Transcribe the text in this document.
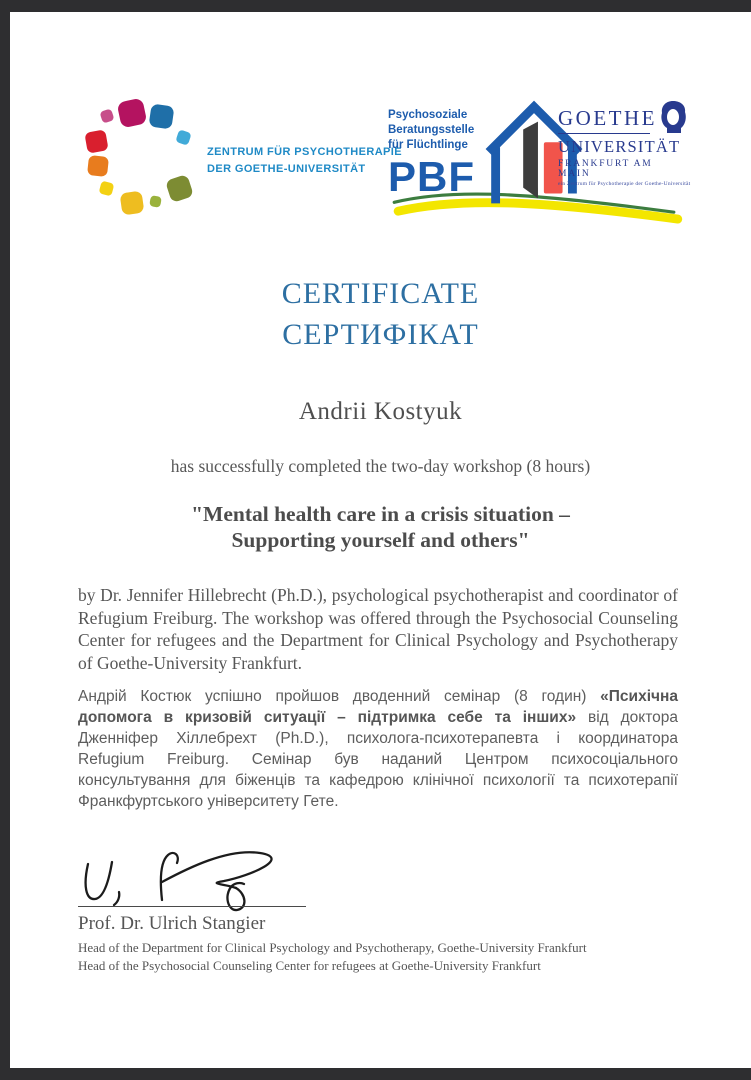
ZENTRUM FÜR PSYCHOTHERAPIE
DER GOETHE-UNIVERSITÄT
Psychosoziale
Beratungsstelle
für Flüchtlinge
PBF
GOETHE
UNIVERSITÄT
FRANKFURT AM MAIN
ein Zentrum für Psychotherapie der Goethe-Universität
CERTIFICATE
СЕРТИФІКАТ
Andrii Kostyuk
has successfully completed the two-day workshop (8 hours)
"Mental health care in a crisis situation –
Supporting yourself and others"
by Dr. Jennifer Hillebrecht (Ph.D.), psychological psychotherapist and coordinator of Refugium Freiburg. The workshop was offered through the Psychosocial Counseling Center for refugees and the Department for Clinical Psychology and Psychotherapy of Goethe-University Frankfurt.
Андрій Костюк успішно пройшов дводенний семінар (8 годин) «Психічна допомога в кризовій ситуації – підтримка себе та інших» від доктора Дженніфер Хіллебрехт (Ph.D.), психолога-психотерапевта і координатора Refugium Freiburg. Семінар був наданий Центром психосоціального консультування для біженців та кафедрою клінічної психології та психотерапії Франкфуртського університету Гете.
Prof. Dr. Ulrich Stangier
Head of the Department for Clinical Psychology and Psychotherapy, Goethe-University Frankfurt
Head of the Psychosocial Counseling Center for refugees at Goethe-University Frankfurt
